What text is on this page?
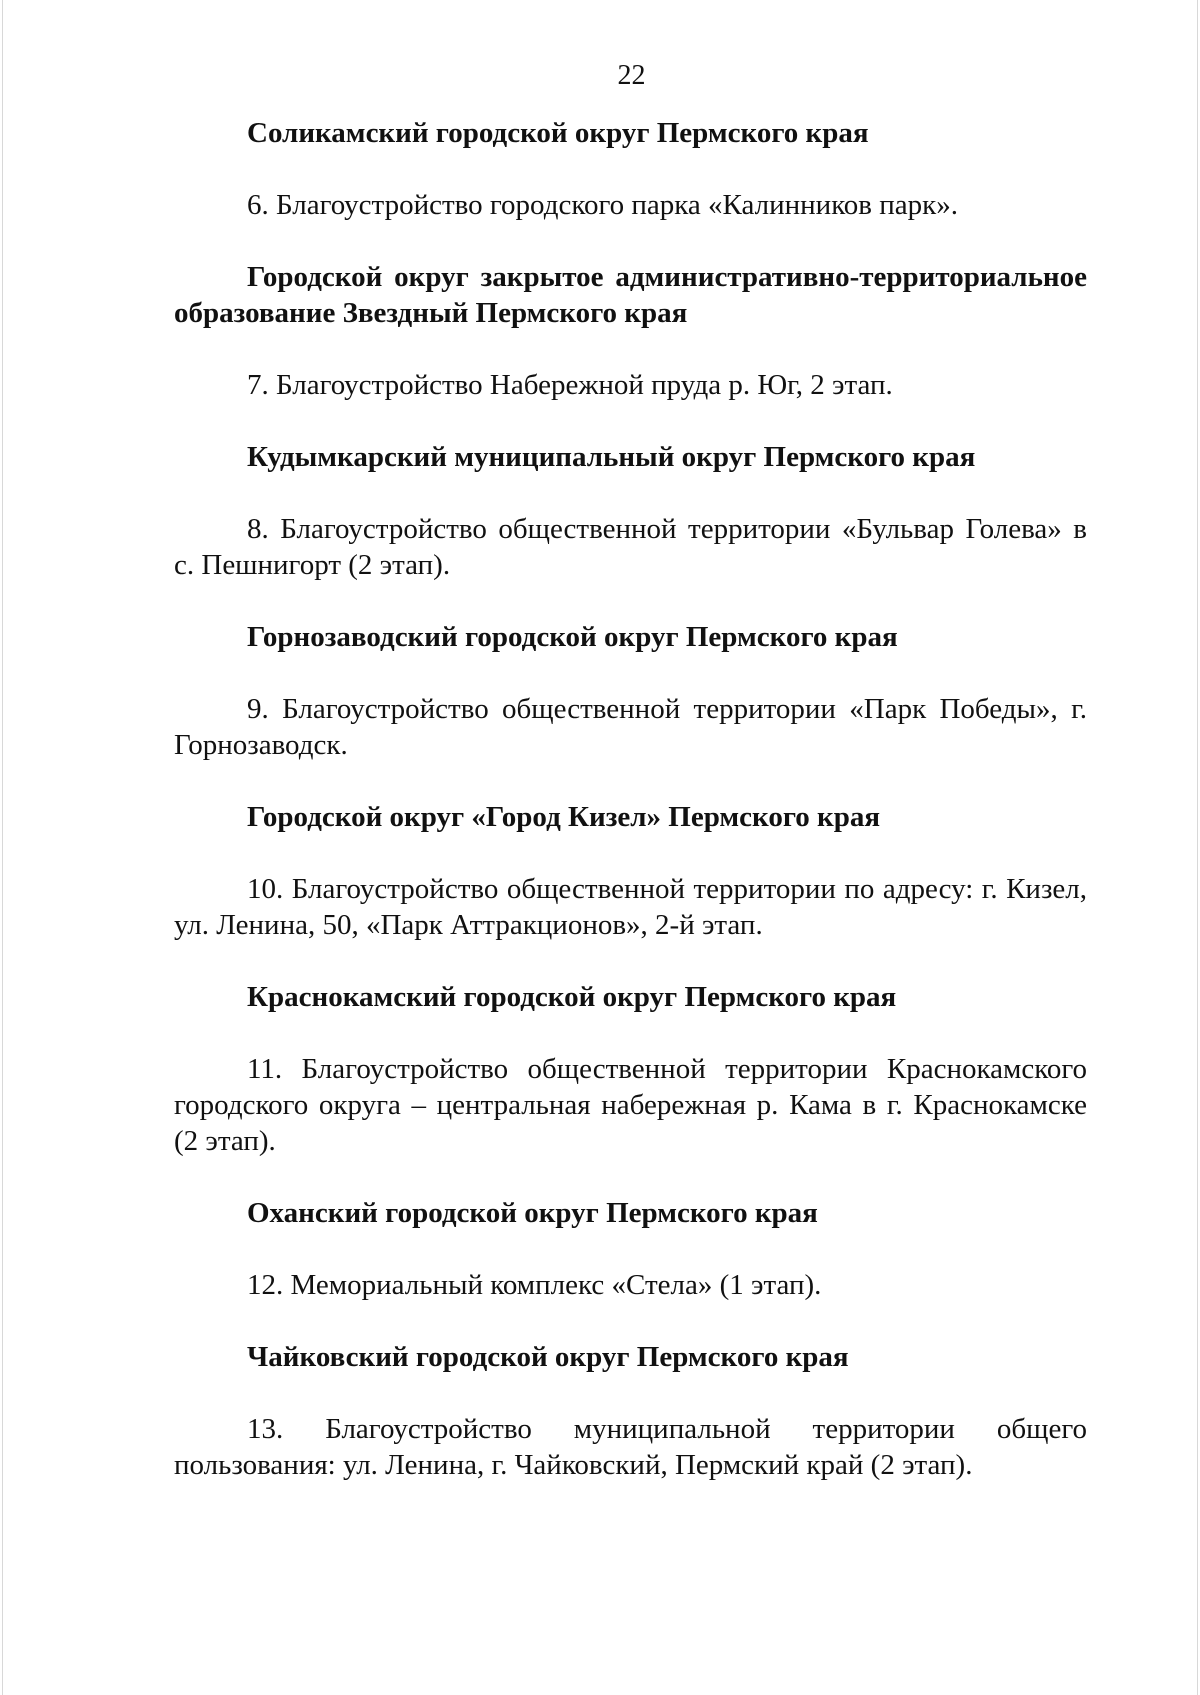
22

Соликамский городской округ Пермского края

6. Благоустройство городского парка «Калинников парк».

Городской округ закрытое административно-территориальное образование Звездный Пермского края

7. Благоустройство Набережной пруда р. Юг, 2 этап.

Кудымкарский муниципальный округ Пермского края

8. Благоустройство общественной территории «Бульвар Голева» в с. Пешнигорт (2 этап).

Горнозаводский городской округ Пермского края

9. Благоустройство общественной территории «Парк Победы», г. Горнозаводск.

Городской округ «Город Кизел» Пермского края

10. Благоустройство общественной территории по адресу: г. Кизел, ул. Ленина, 50, «Парк Аттракционов», 2-й этап.

Краснокамский городской округ Пермского края

11. Благоустройство общественной территории Краснокамского городского округа – центральная набережная р. Кама в г. Краснокамске (2 этап).

Оханский городской округ Пермского края

12. Мемориальный комплекс «Стела» (1 этап).

Чайковский городской округ Пермского края

13. Благоустройство муниципальной территории общего пользования: ул. Ленина, г. Чайковский, Пермский край (2 этап).
